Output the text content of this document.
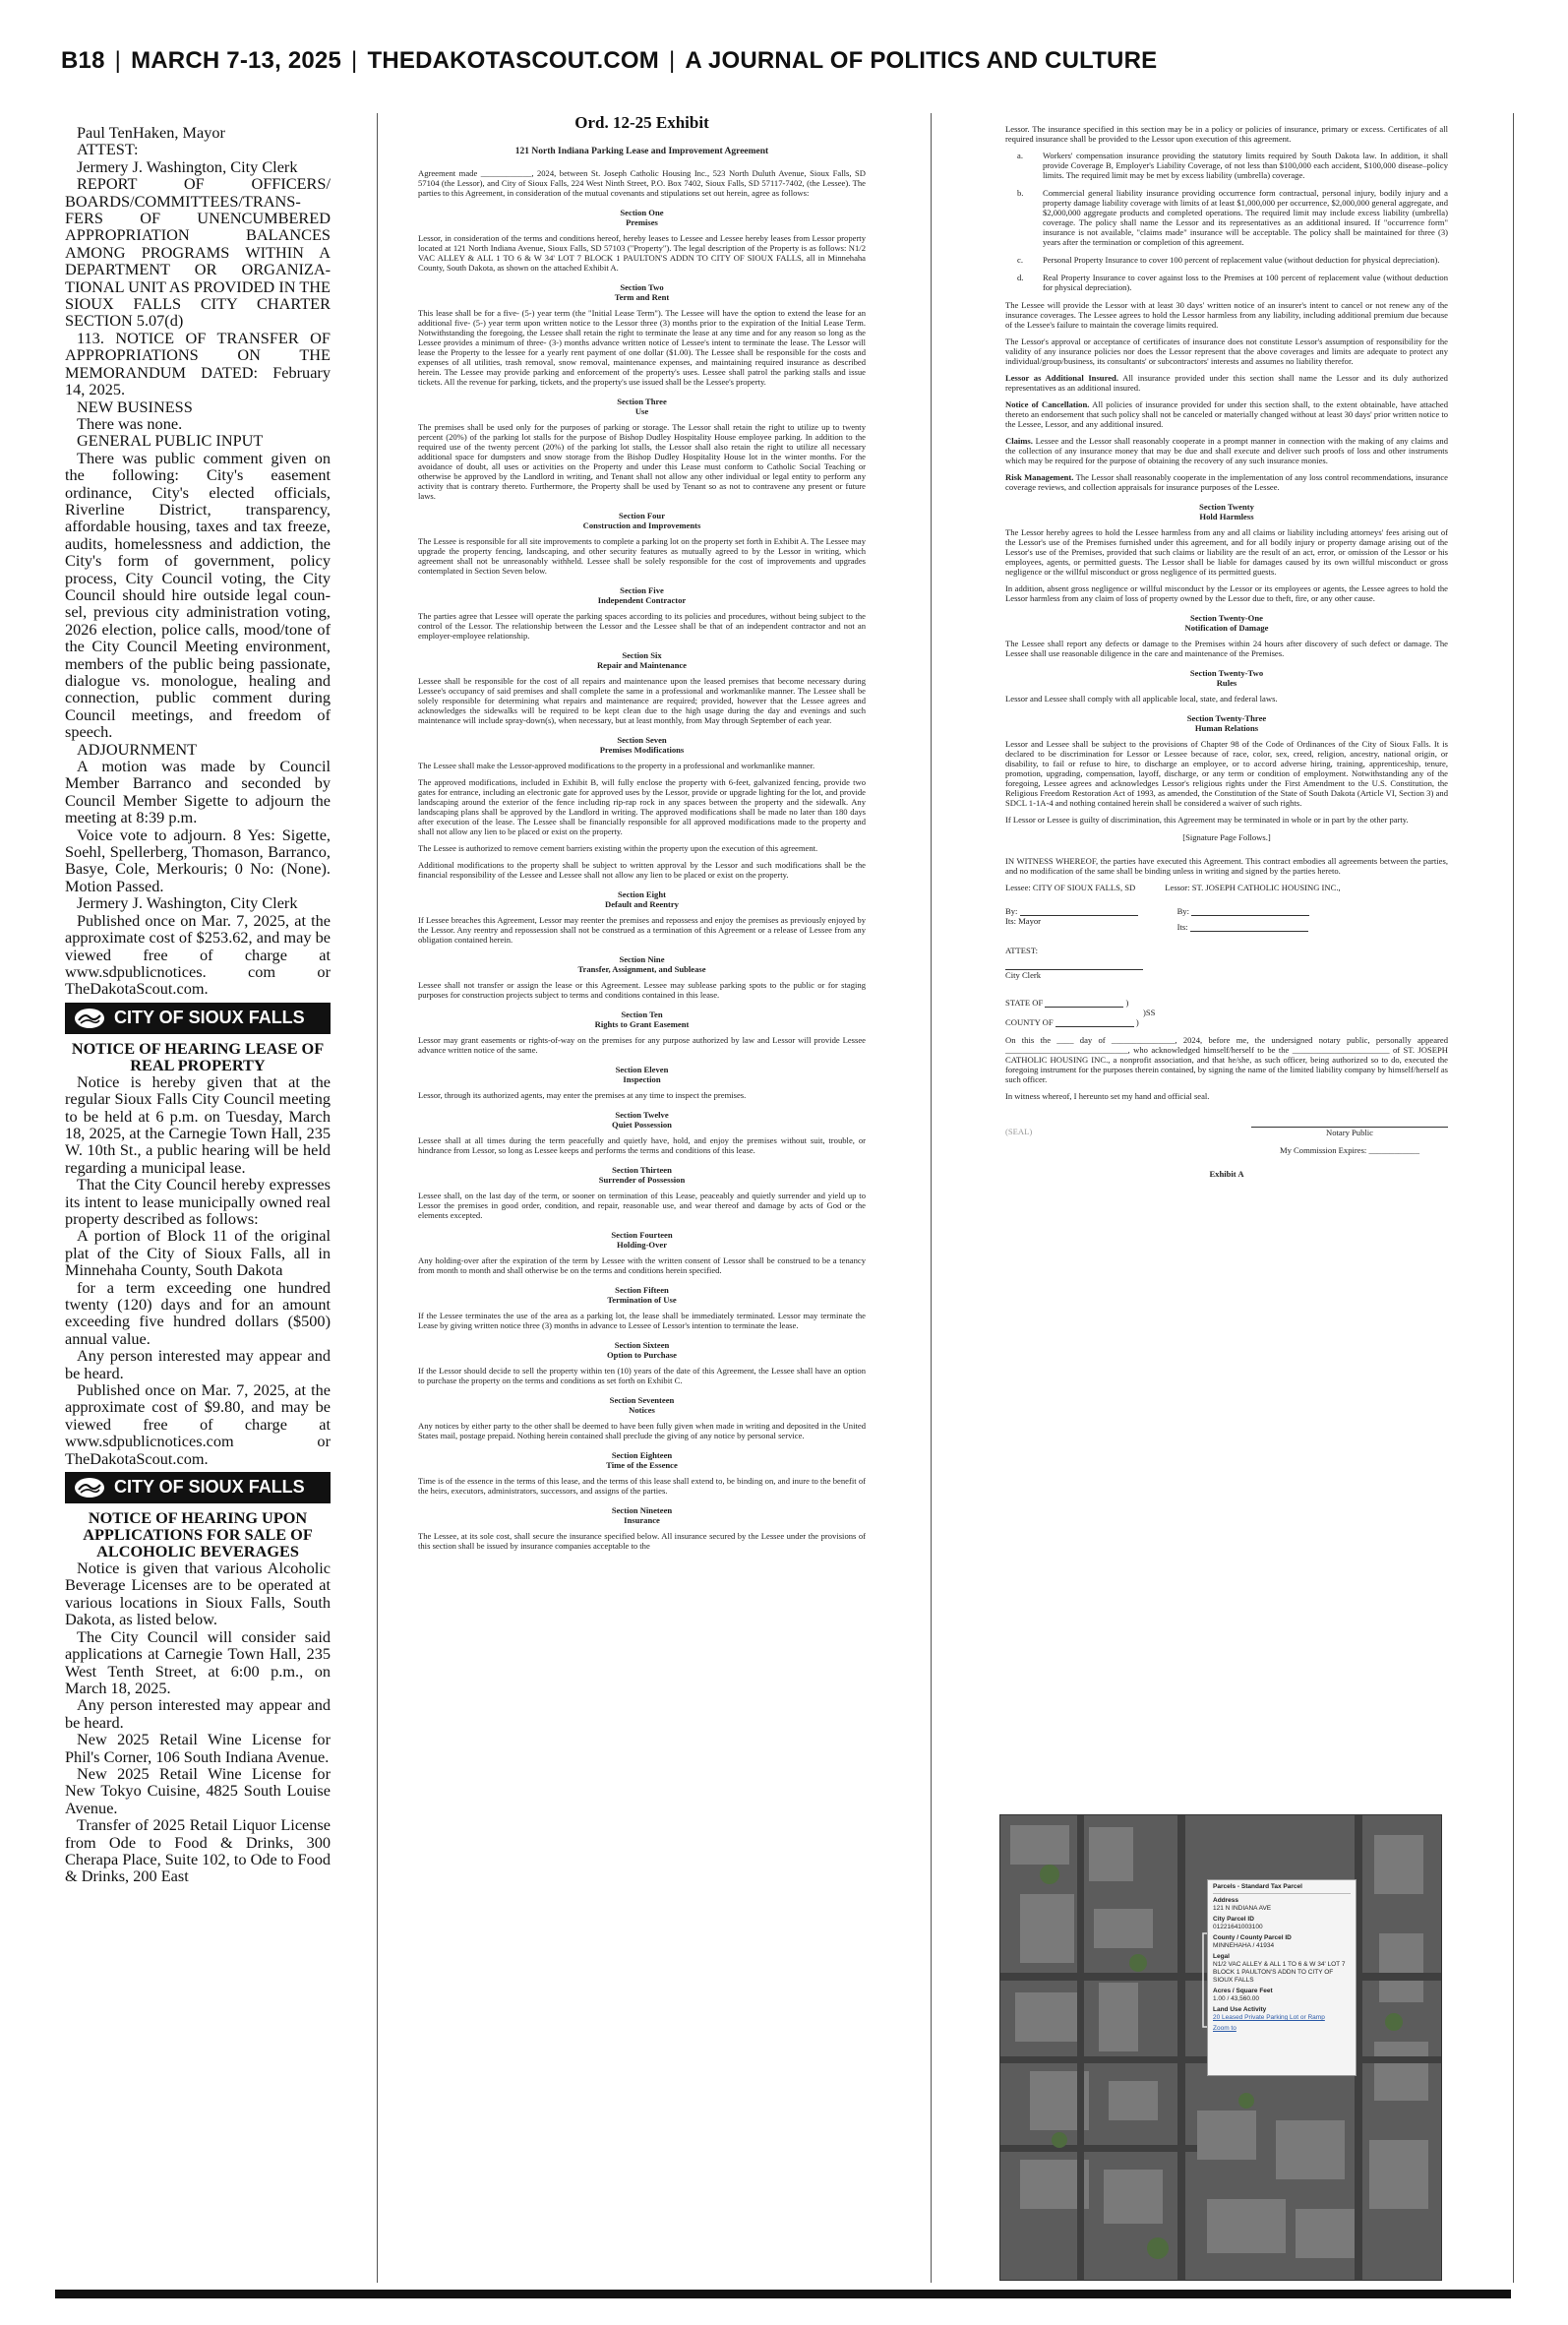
B18 | MARCH 7-13, 2025 | THEDAKOTASCOUT.COM | A JOURNAL OF POLITICS AND CULTURE

Paul TenHaken, Mayor

ATTEST:

Jermery J. Washington, City Clerk

REPORT OF OFFICERS/ BOARDS/COMMITTEES/TRANSFERS OF UNENCUMBERED APPROPRIATION BALANCES AMONG PROGRAMS WITHIN A DEPARTMENT OR ORGANIZATIONAL UNIT AS PROVIDED IN THE SIOUX FALLS CITY CHARTER SECTION 5.07(d)

113. NOTICE OF TRANSFER OF APPROPRIATIONS ON THE MEMORANDUM DATED: February 14, 2025.

NEW BUSINESS

There was none.

GENERAL PUBLIC INPUT

There was public comment given on the following: City's easement ordinance, City's elected officials, Riverline District, transparency, affordable housing, taxes and tax freeze, audits, homelessness and addiction, the City's form of government, policy process, City Council voting, the City Council should hire outside legal counsel, previous city administration voting, 2026 election, police calls, mood/tone of the City Council Meeting environment, members of the public being passionate, dialogue vs. monologue, healing and connection, public comment during Council meetings, and freedom of speech.

ADJOURNMENT

A motion was made by Council Member Barranco and seconded by Council Member Sigette to adjourn the meeting at 8:39 p.m.

Voice vote to adjourn. 8 Yes: Sigette, Soehl, Spellerberg, Thomason, Barranco, Basye, Cole, Merkouris; 0 No: (None). Motion Passed.

Jermery J. Washington, City Clerk

Published once on Mar. 7, 2025, at the approximate cost of $253.62, and may be viewed free of charge at www.sdpublicnotices. com or TheDakotaScout.com.

CITY OF SIOUX FALLS

NOTICE OF HEARING LEASE OF REAL PROPERTY

Notice is hereby given that at the regular Sioux Falls City Council meeting to be held at 6 p.m. on Tuesday, March 18, 2025, at the Carnegie Town Hall, 235 W. 10th St., a public hearing will be held regarding a municipal lease.

That the City Council hereby expresses its intent to lease municipally owned real property described as follows:

A portion of Block 11 of the original plat of the City of Sioux Falls, all in Minnehaha County, South Dakota

for a term exceeding one hundred twenty (120) days and for an amount exceeding five hundred dollars ($500) annual value.

Any person interested may appear and be heard.

Published once on Mar. 7, 2025, at the approximate cost of $9.80, and may be viewed free of charge at www.sdpublicnotices.com or TheDakotaScout.com.

CITY OF SIOUX FALLS

NOTICE OF HEARING UPON APPLICATIONS FOR SALE OF ALCOHOLIC BEVERAGES

Notice is given that various Alcoholic Beverage Licenses are to be operated at various locations in Sioux Falls, South Dakota, as listed below.

The City Council will consider said applications at Carnegie Town Hall, 235 West Tenth Street, at 6:00 p.m., on March 18, 2025.

Any person interested may appear and be heard.

New 2025 Retail Wine License for Phil's Corner, 106 South Indiana Avenue.

New 2025 Retail Wine License for New Tokyo Cuisine, 4825 South Louise Avenue.

Transfer of 2025 Retail Liquor License from Ode to Food & Drinks, 300 Cherapa Place, Suite 102, to Ode to Food & Drinks, 200 East

Ord. 12-25 Exhibit
121 North Indiana Parking Lease and Improvement Agreement
Agreement made ____________, 2024, between St. Joseph Catholic Housing Inc., 523 North Duluth Avenue, Sioux Falls, SD 57104 (the Lessor), and City of Sioux Falls, 224 West Ninth Street, P.O. Box 7402, Sioux Falls, SD 57117-7402, (the Lessee). The parties to this Agreement, in consideration of the mutual covenants and stipulations set out herein, agree as follows:
Section One
Premises
Lessor, in consideration of the terms and conditions hereof, hereby leases to Lessee and Lessee hereby leases from Lessor property located at 121 North Indiana Avenue, Sioux Falls, SD 57103 ("Property"). The legal description of the Property is as follows: N1/2 VAC ALLEY & ALL 1 TO 6 & W 34' LOT 7 BLOCK 1 PAULTON'S ADDN TO CITY OF SIOUX FALLS, all in Minnehaha County, South Dakota, as shown on the attached Exhibit A.
Section Two
Term and Rent
This lease shall be for a five- (5-) year term (the "Initial Lease Term"). The Lessee will have the option to extend the lease for an additional five- (5-) year term upon written notice to the Lessor three (3) months prior to the expiration of the Initial Lease Term. Notwithstanding the foregoing, the Lessee shall retain the right to terminate the lease at any time and for any reason so long as the Lessee provides a minimum of three- (3-) months advance written notice of Lessee's intent to terminate the lease. The Lessor will lease the Property to the lessee for a yearly rent payment of one dollar ($1.00). The Lessee shall be responsible for the costs and expenses of all utilities, trash removal, snow removal, maintenance expenses, and maintaining required insurance as described herein. The Lessee may provide parking and enforcement of the property's uses. Lessee shall patrol the parking stalls and issue tickets. All the revenue for parking, tickets, and the property's use issued shall be the Lessee's property.
Section Three
Use
The premises shall be used only for the purposes of parking or storage. The Lessor shall retain the right to utilize up to twenty percent (20%) of the parking lot stalls for the purpose of Bishop Dudley Hospitality House employee parking. In addition to the required use of the twenty percent (20%) of the parking lot stalls, the Lessor shall also retain the right to utilize all necessary additional space for dumpsters and snow storage from the Bishop Dudley Hospitality House lot in the winter months. For the avoidance of doubt, all uses or activities on the Property and under this Lease must conform to Catholic Social Teaching or otherwise be approved by the Landlord in writing, and Tenant shall not allow any other individual or legal entity to perform any activity that is contrary thereto. Furthermore, the Property shall be used by Tenant so as not to contravene any present or future laws.
Section Four
Construction and Improvements
The Lessee is responsible for all site improvements to complete a parking lot on the property set forth in Exhibit A. The Lessee may upgrade the property fencing, landscaping, and other security features as mutually agreed to by the Lessor in writing, which agreement shall not be unreasonably withheld. Lessee shall be solely responsible for the cost of improvements and upgrades contemplated in Section Seven below.
Section Five
Independent Contractor
The parties agree that Lessee will operate the parking spaces according to its policies and procedures, without being subject to the control of the Lessor. The relationship between the Lessor and the Lessee shall be that of an independent contractor and not an employer-employee relationship.
Section Six
Repair and Maintenance
Lessee shall be responsible for the cost of all repairs and maintenance upon the leased premises that become necessary during Lessee's occupancy of said premises and shall complete the same in a professional and workmanlike manner. The Lessee shall be solely responsible for determining what repairs and maintenance are required; provided, however that the Lessee agrees and acknowledges the sidewalks will be required to be kept clean due to the high usage during the day and evenings and such maintenance will include spray-down(s), when necessary, but at least monthly, from May through September of each year.
Section Seven
Premises Modifications
The Lessee shall make the Lessor-approved modifications to the property in a professional and workmanlike manner.
The approved modifications, included in Exhibit B, will fully enclose the property with 6-feet, galvanized fencing, provide two gates for entrance, including an electronic gate for approved uses by the Lessor, provide or upgrade lighting for the lot, and provide landscaping around the exterior of the fence including rip-rap rock in any spaces between the property and the sidewalk. Any landscaping plans shall be approved by the Landlord in writing. The approved modifications shall be made no later than 180 days after execution of the lease. The Lessee shall be financially responsible for all approved modifications made to the property and shall not allow any lien to be placed or exist on the property.
The Lessee is authorized to remove cement barriers existing within the property upon the execution of this agreement.
Additional modifications to the property shall be subject to written approval by the Lessor and such modifications shall be the financial responsibility of the Lessee and Lessee shall not allow any lien to be placed or exist on the property.
Section Eight
Default and Reentry
If Lessee breaches this Agreement, Lessor may reenter the premises and repossess and enjoy the premises as previously enjoyed by the Lessor. Any reentry and repossession shall not be construed as a termination of this Agreement or a release of Lessee from any obligation contained herein.
Section Nine
Transfer, Assignment, and Sublease
Lessee shall not transfer or assign the lease or this Agreement. Lessee may sublease parking spots to the public or for staging purposes for construction projects subject to terms and conditions contained in this lease.
Section Ten
Rights to Grant Easement
Lessor may grant easements or rights-of-way on the premises for any purpose authorized by law and Lessor will provide Lessee advance written notice of the same.
Section Eleven
Inspection
Lessor, through its authorized agents, may enter the premises at any time to inspect the premises.
Section Twelve
Quiet Possession
Lessee shall at all times during the term peacefully and quietly have, hold, and enjoy the premises without suit, trouble, or hindrance from Lessor, so long as Lessee keeps and performs the terms and conditions of this lease.
Section Thirteen
Surrender of Possession
Lessee shall, on the last day of the term, or sooner on termination of this Lease, peaceably and quietly surrender and yield up to Lessor the premises in good order, condition, and repair, reasonable use, and wear thereof and damage by acts of God or the elements excepted.
Section Fourteen
Holding-Over
Any holding-over after the expiration of the term by Lessee with the written consent of Lessor shall be construed to be a tenancy from month to month and shall otherwise be on the terms and conditions herein specified.
Section Fifteen
Termination of Use
If the Lessee terminates the use of the area as a parking lot, the lease shall be immediately terminated. Lessor may terminate the Lease by giving written notice three (3) months in advance to Lessee of Lessor's intention to terminate the lease.
Section Sixteen
Option to Purchase
If the Lessor should decide to sell the property within ten (10) years of the date of this Agreement, the Lessee shall have an option to purchase the property on the terms and conditions as set forth on Exhibit C.
Section Seventeen
Notices
Any notices by either party to the other shall be deemed to have been fully given when made in writing and deposited in the United States mail, postage prepaid. Nothing herein contained shall preclude the giving of any notice by personal service.
Section Eighteen
Time of the Essence
Time is of the essence in the terms of this lease, and the terms of this lease shall extend to, be binding on, and inure to the benefit of the heirs, executors, administrators, successors, and assigns of the parties.
Section Nineteen
Insurance
The Lessee, at its sole cost, shall secure the insurance specified below. All insurance secured by the Lessee under the provisions of this section shall be issued by insurance companies acceptable to the
Lessor. The insurance specified in this section may be in a policy or policies of insurance, primary or excess. Certificates of all required insurance shall be provided to the Lessor upon execution of this agreement.
a.	Workers' compensation insurance providing the statutory limits required by South Dakota law. In addition, it shall provide Coverage B, Employer's Liability Coverage, of not less than $100,000 each accident, $100,000 disease–policy limits. The required limit may be met by excess liability (umbrella) coverage.
b.	Commercial general liability insurance providing occurrence form contractual, personal injury, bodily injury and a property damage liability coverage with limits of at least $1,000,000 per occurrence, $2,000,000 general aggregate, and $2,000,000 aggregate products and completed operations. The required limit may include excess liability (umbrella) coverage. The policy shall name the Lessor and its representatives as an additional insured. If "occurrence form" insurance is not available, "claims made" insurance will be acceptable. The policy shall be maintained for three (3) years after the termination or completion of this agreement.
c.	Personal Property Insurance to cover 100 percent of replacement value (without deduction for physical depreciation).
d.	Real Property Insurance to cover against loss to the Premises at 100 percent of replacement value (without deduction for physical depreciation).
The Lessee will provide the Lessor with at least 30 days' written notice of an insurer's intent to cancel or not renew any of the insurance coverages. The Lessee agrees to hold the Lessor harmless from any liability, including additional premium due because of the Lessee's failure to maintain the coverage limits required.
The Lessor's approval or acceptance of certificates of insurance does not constitute Lessor's assumption of responsibility for the validity of any insurance policies nor does the Lessor represent that the above coverages and limits are adequate to protect any individual/group/business, its consultants' or subcontractors' interests and assumes no liability therefor.
Lessor as Additional Insured. All insurance provided under this section shall name the Lessor and its duly authorized representatives as an additional insured.
Notice of Cancellation. All policies of insurance provided for under this section shall, to the extent obtainable, have attached thereto an endorsement that such policy shall not be canceled or materially changed without at least 30 days' prior written notice to the Lessee, Lessor, and any additional insured.
Claims. Lessee and the Lessor shall reasonably cooperate in a prompt manner in connection with the making of any claims and the collection of any insurance money that may be due and shall execute and deliver such proofs of loss and other instruments which may be required for the purpose of obtaining the recovery of any such insurance monies.
Risk Management. The Lessor shall reasonably cooperate in the implementation of any loss control recommendations, insurance coverage reviews, and collection appraisals for insurance purposes of the Lessee.
Section Twenty
Hold Harmless
The Lessor hereby agrees to hold the Lessee harmless from any and all claims or liability including attorneys' fees arising out of the Lessor's use of the Premises furnished under this agreement, and for all bodily injury or property damage arising out of the Lessor's use of the Premises, provided that such claims or liability are the result of an act, error, or omission of the Lessor or his employees, agents, or permitted guests. The Lessor shall be liable for damages caused by its own willful misconduct or gross negligence or the willful misconduct or gross negligence of its permitted guests.
In addition, absent gross negligence or willful misconduct by the Lessor or its employees or agents, the Lessee agrees to hold the Lessor harmless from any claim of loss of property owned by the Lessor due to theft, fire, or any other cause.
Section Twenty-One
Notification of Damage
The Lessee shall report any defects or damage to the Premises within 24 hours after discovery of such defect or damage. The Lessee shall use reasonable diligence in the care and maintenance of the Premises.
Section Twenty-Two
Rules
Lessor and Lessee shall comply with all applicable local, state, and federal laws.
Section Twenty-Three
Human Relations
Lessor and Lessee shall be subject to the provisions of Chapter 98 of the Code of Ordinances of the City of Sioux Falls. It is declared to be discrimination for Lessor or Lessee because of race, color, sex, creed, religion, ancestry, national origin, or disability, to fail or refuse to hire, to discharge an employee, or to accord adverse hiring, training, apprenticeship, tenure, promotion, upgrading, compensation, layoff, discharge, or any term or condition of employment. Notwithstanding any of the foregoing, Lessee agrees and acknowledges Lessor's religious rights under the First Amendment to the U.S. Constitution, the Religious Freedom Restoration Act of 1993, as amended, the Constitution of the State of South Dakota (Article VI, Section 3) and SDCL 1-1A-4 and nothing contained herein shall be considered a waiver of such rights.
If Lessor or Lessee is guilty of discrimination, this Agreement may be terminated in whole or in part by the other party.
[Signature Page Follows.]
IN WITNESS WHEREOF, the parties have executed this Agreement. This contract embodies all agreements between the parties, and no modification of the same shall be binding unless in writing and signed by the parties hereto.
Lessee: CITY OF SIOUX FALLS, SD	Lessor: ST. JOSEPH CATHOLIC HOUSING INC.,
By:
Its: Mayor
By:
Its:
ATTEST:
City Clerk
STATE OF	)
)SS
COUNTY OF	)
On this the ____ day of _______________, 2024, before me, the undersigned notary public, personally appeared _____________________________, who acknowledged himself/herself to be the _______________________ of ST. JOSEPH CATHOLIC HOUSING INC., a nonprofit association, and that he/she, as such officer, being authorized so to do, executed the foregoing instrument for the purposes therein contained, by signing the name of the limited liability company by himself/herself as such officer.
In witness whereof, I hereunto set my hand and official seal.
(SEAL)	Notary Public
My Commission Expires: ____________
Exhibit A
Parcels - Standard Tax Parcel
Address
121 N INDIANA AVE
City Parcel ID
01221641003100
County / County Parcel ID
MINNEHAHA / 41934
Legal
N1/2 VAC ALLEY & ALL 1 TO 6 & W 34' LOT 7 BLOCK 1 PAULTON'S ADDN TO CITY OF SIOUX FALLS
Acres / Square Feet
1.00 / 43,560.00
Land Use Activity
20 Leased Private Parking Lot or Ramp
Zoom to
